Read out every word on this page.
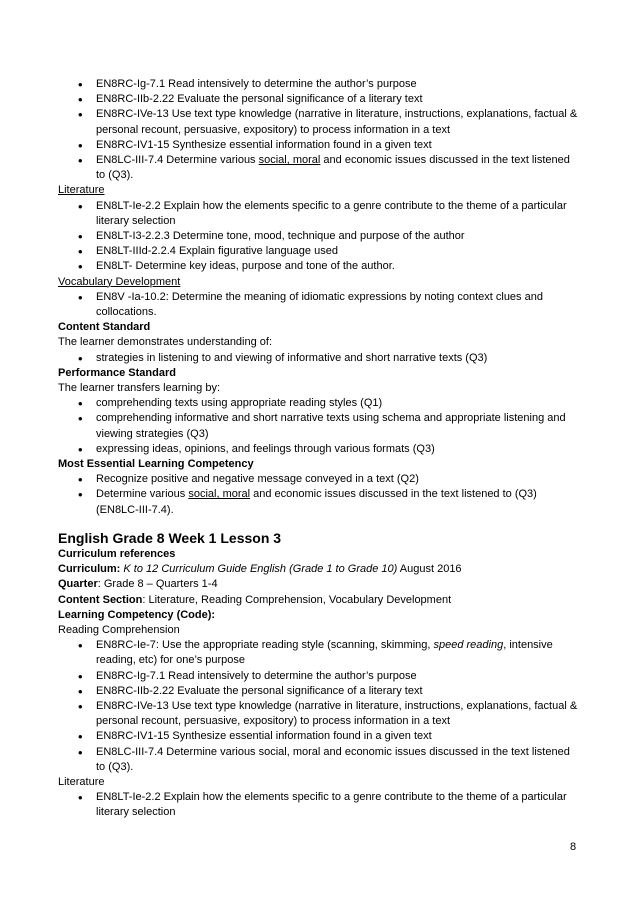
• EN8RC-Ig-7.1 Read intensively to determine the author’s purpose
• EN8RC-IIb-2.22 Evaluate the personal significance of a literary text
• EN8RC-IVe-13 Use text type knowledge (narrative in literature, instructions, explanations, factual & personal recount, persuasive, expository) to process information in a text
• EN8RC-IV1-15 Synthesize essential information found in a given text
• EN8LC-III-7.4 Determine various social, moral and economic issues discussed in the text listened to (Q3).
Literature
• EN8LT-Ie-2.2 Explain how the elements specific to a genre contribute to the theme of a particular literary selection
• EN8LT-I3-2.2.3 Determine tone, mood, technique and purpose of the author
• EN8LT-IIId-2.2.4 Explain figurative language used
• EN8LT- Determine key ideas, purpose and tone of the author.
Vocabulary Development
• EN8V -Ia-10.2: Determine the meaning of idiomatic expressions by noting context clues and collocations.
Content Standard
The learner demonstrates understanding of:
• strategies in listening to and viewing of informative and short narrative texts (Q3)
Performance Standard
The learner transfers learning by:
• comprehending texts using appropriate reading styles (Q1)
• comprehending informative and short narrative texts using schema and appropriate listening and viewing strategies (Q3)
• expressing ideas, opinions, and feelings through various formats (Q3)
Most Essential Learning Competency
• Recognize positive and negative message conveyed in a text (Q2)
• Determine various social, moral and economic issues discussed in the text listened to (Q3) (EN8LC-III-7.4).
English Grade 8 Week 1 Lesson 3
Curriculum references
Curriculum: K to 12 Curriculum Guide English (Grade 1 to Grade 10) August 2016
Quarter: Grade 8 – Quarters 1-4
Content Section: Literature, Reading Comprehension, Vocabulary Development
Learning Competency (Code):
Reading Comprehension
• EN8RC-Ie-7: Use the appropriate reading style (scanning, skimming, speed reading, intensive reading, etc) for one’s purpose
• EN8RC-Ig-7.1 Read intensively to determine the author’s purpose
• EN8RC-IIb-2.22 Evaluate the personal significance of a literary text
• EN8RC-IVe-13 Use text type knowledge (narrative in literature, instructions, explanations, factual & personal recount, persuasive, expository) to process information in a text
• EN8RC-IV1-15 Synthesize essential information found in a given text
• EN8LC-III-7.4 Determine various social, moral and economic issues discussed in the text listened to (Q3).
Literature
• EN8LT-Ie-2.2 Explain how the elements specific to a genre contribute to the theme of a particular literary selection
8
